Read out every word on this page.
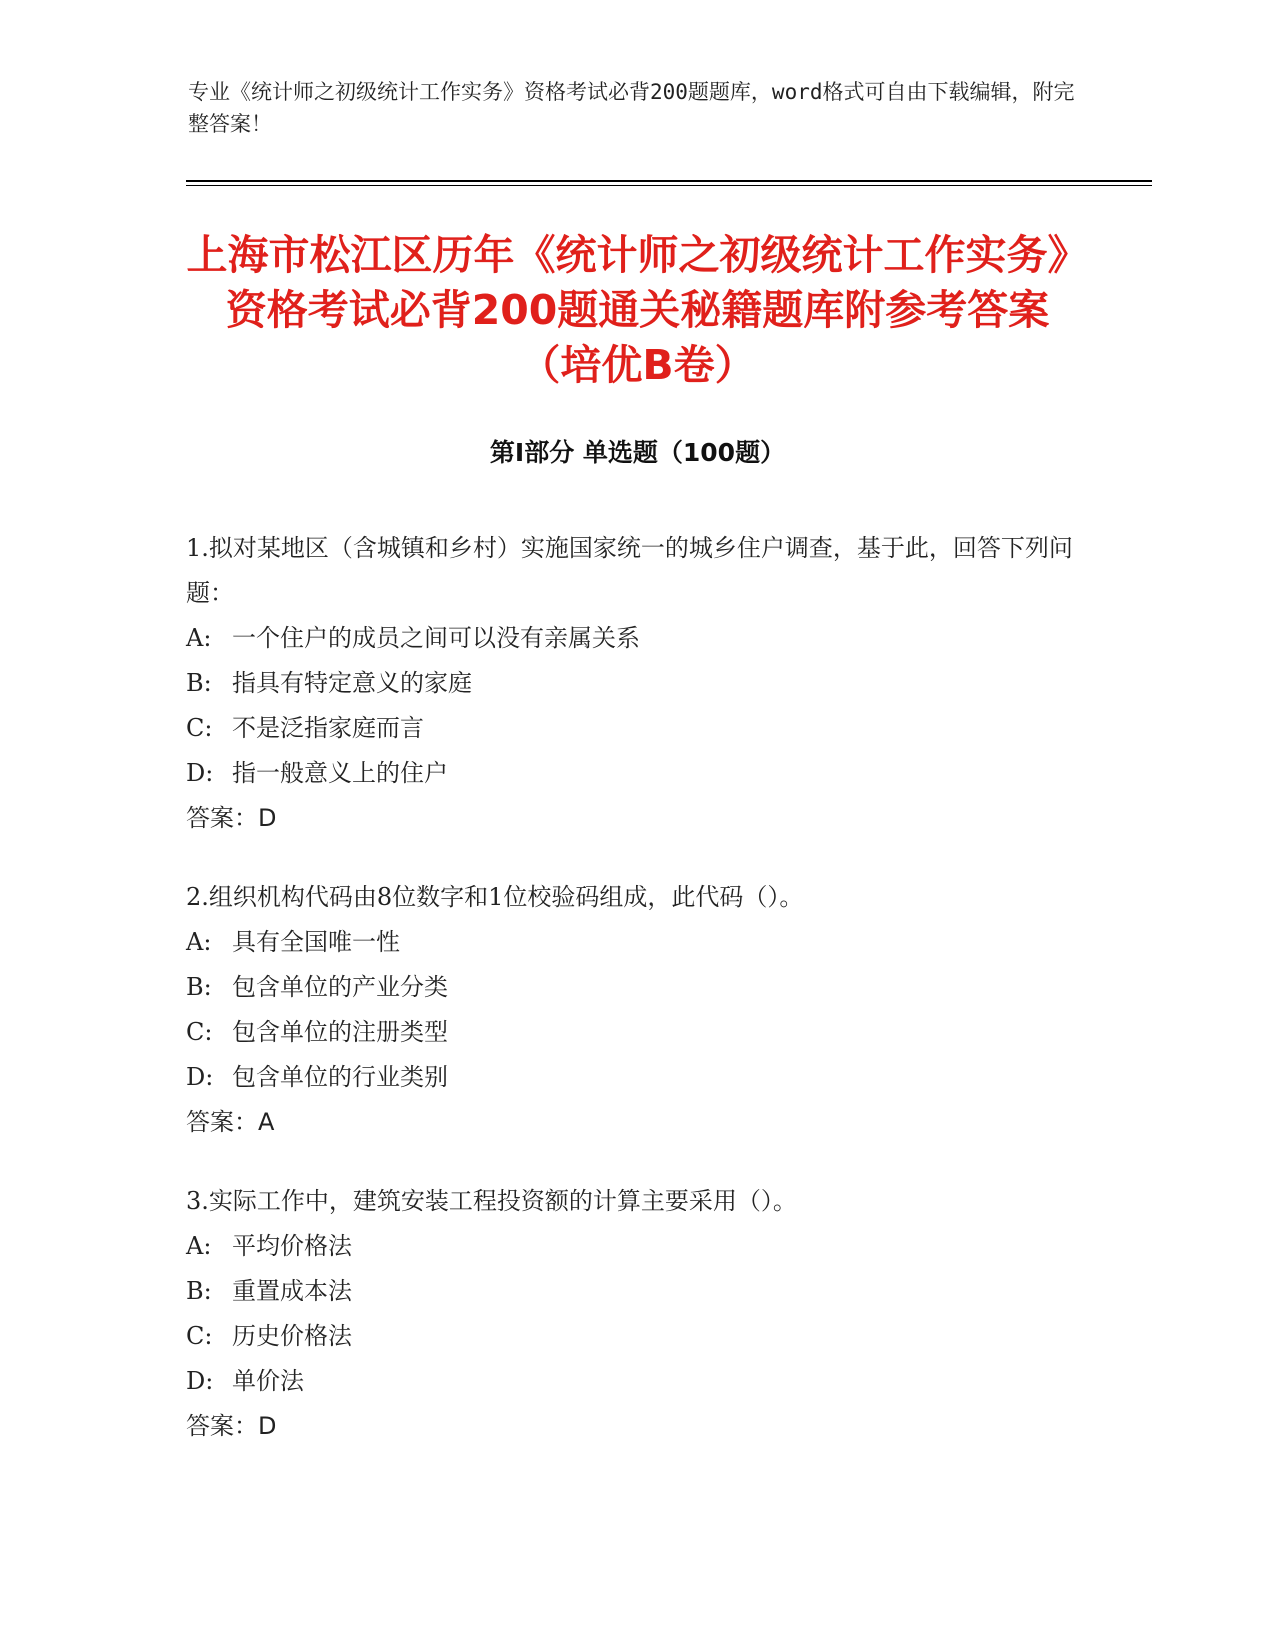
专业《统计师之初级统计工作实务》资格考试必背200题题库，word格式可自由下载编辑，附完整答案！
上海市松江区历年《统计师之初级统计工作实务》资格考试必背200题通关秘籍题库附参考答案（培优B卷）
第Ⅰ部分 单选题（100题）

1.拟对某地区（含城镇和乡村）实施国家统一的城乡住户调查，基于此，回答下列问题：

A: 一个住户的成员之间可以没有亲属关系
B: 指具有特定意义的家庭
C: 不是泛指家庭而言
D: 指一般意义上的住户
答案：D

2.组织机构代码由8位数字和1位校验码组成，此代码（）。

A: 具有全国唯一性
B: 包含单位的产业分类
C: 包含单位的注册类型
D: 包含单位的行业类别
答案：A

3.实际工作中，建筑安装工程投资额的计算主要采用（）。

A: 平均价格法
B: 重置成本法
C: 历史价格法
D: 单价法
答案：D
